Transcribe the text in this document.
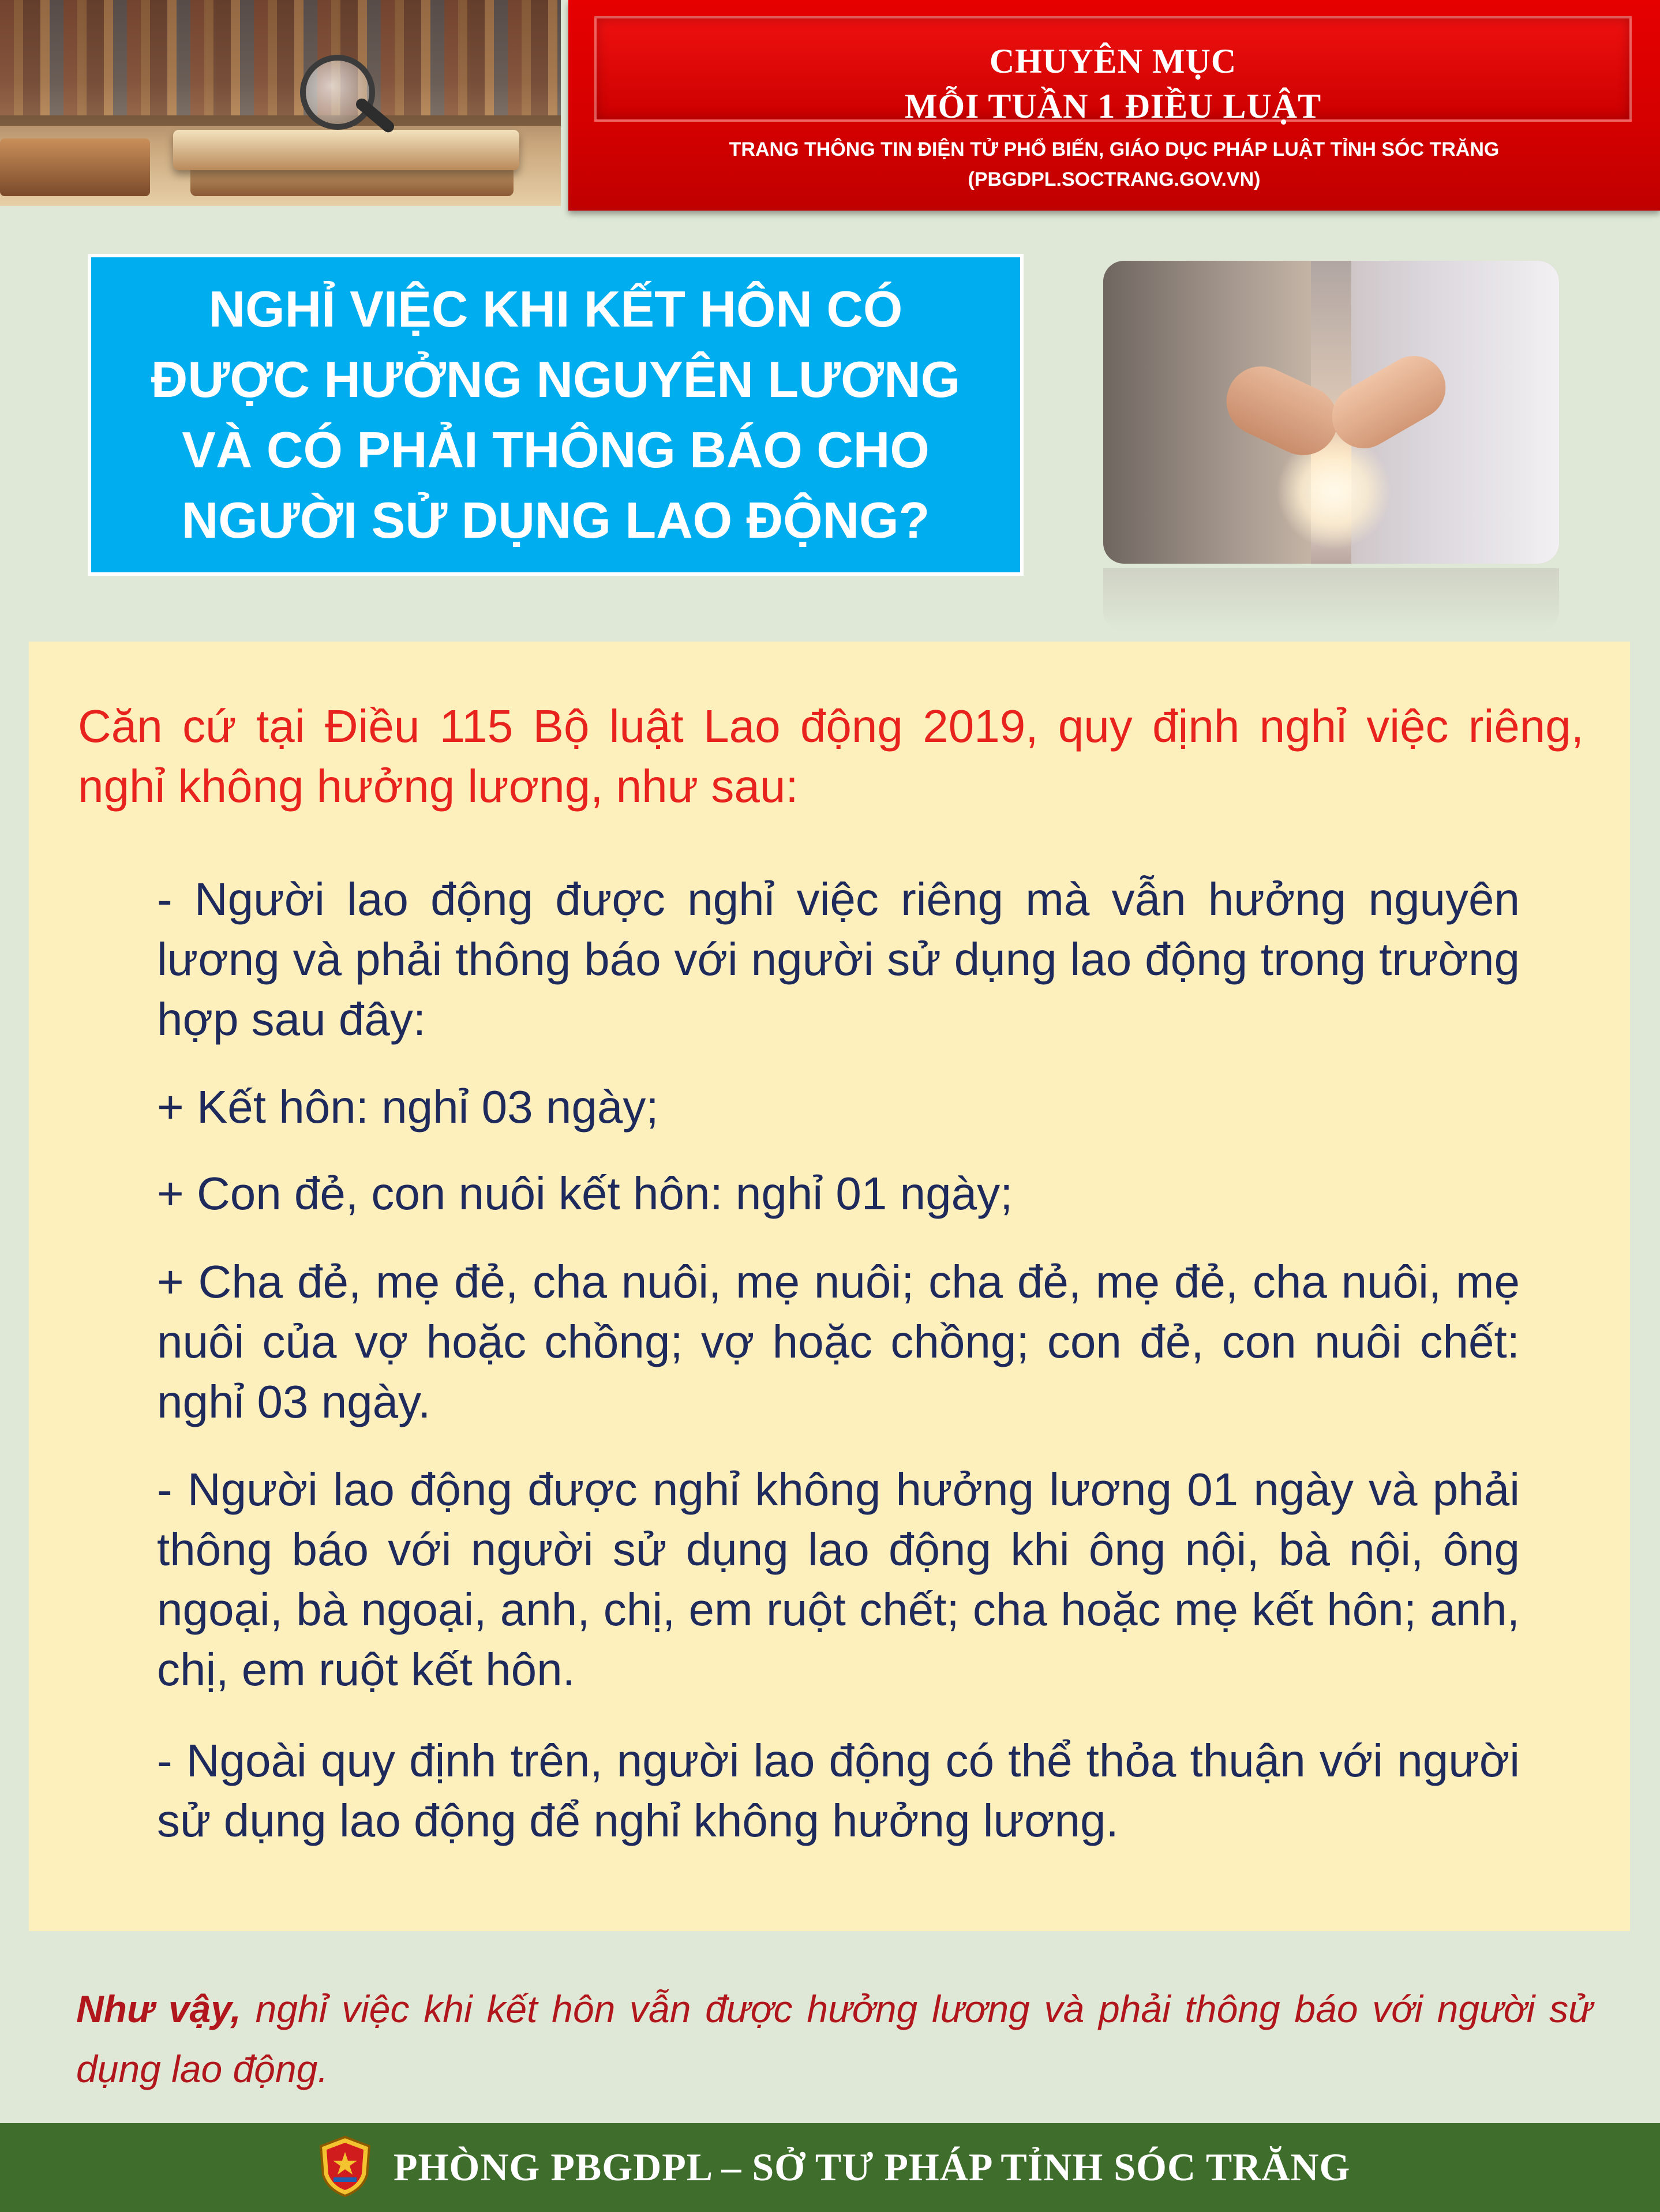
CHUYÊN MỤC
MỖI TUẦN 1 ĐIỀU LUẬT
TRANG THÔNG TIN ĐIỆN TỬ PHỔ BIẾN, GIÁO DỤC PHÁP LUẬT TỈNH SÓC TRĂNG
(PBGDPL.SOCTRANG.GOV.VN)
NGHỈ VIỆC KHI KẾT HÔN CÓ
ĐƯỢC HƯỞNG NGUYÊN LƯƠNG
VÀ CÓ PHẢI THÔNG BÁO CHO
NGƯỜI SỬ DỤNG LAO ĐỘNG?
Căn cứ tại Điều 115 Bộ luật Lao động 2019, quy định nghỉ việc riêng, nghỉ không hưởng lương, như sau:
- Người lao động được nghỉ việc riêng mà vẫn hưởng nguyên lương và phải thông báo với người sử dụng lao động trong trường hợp sau đây:
+ Kết hôn: nghỉ 03 ngày;
+ Con đẻ, con nuôi kết hôn: nghỉ 01 ngày;
+ Cha đẻ, mẹ đẻ, cha nuôi, mẹ nuôi; cha đẻ, mẹ đẻ, cha nuôi, mẹ nuôi của vợ hoặc chồng; vợ hoặc chồng; con đẻ, con nuôi chết: nghỉ 03 ngày.
- Người lao động được nghỉ không hưởng lương 01 ngày và phải thông báo với người sử dụng lao động khi ông nội, bà nội, ông ngoại, bà ngoại, anh, chị, em ruột chết; cha hoặc mẹ kết hôn; anh, chị, em ruột kết hôn.
- Ngoài quy định trên, người lao động có thể thỏa thuận với người sử dụng lao động để nghỉ không hưởng lương.
Như vậy, nghỉ việc khi kết hôn vẫn được hưởng lương và phải thông báo với người sử dụng lao động.
PHÒNG PBGDPL – SỞ TƯ PHÁP TỈNH SÓC TRĂNG
